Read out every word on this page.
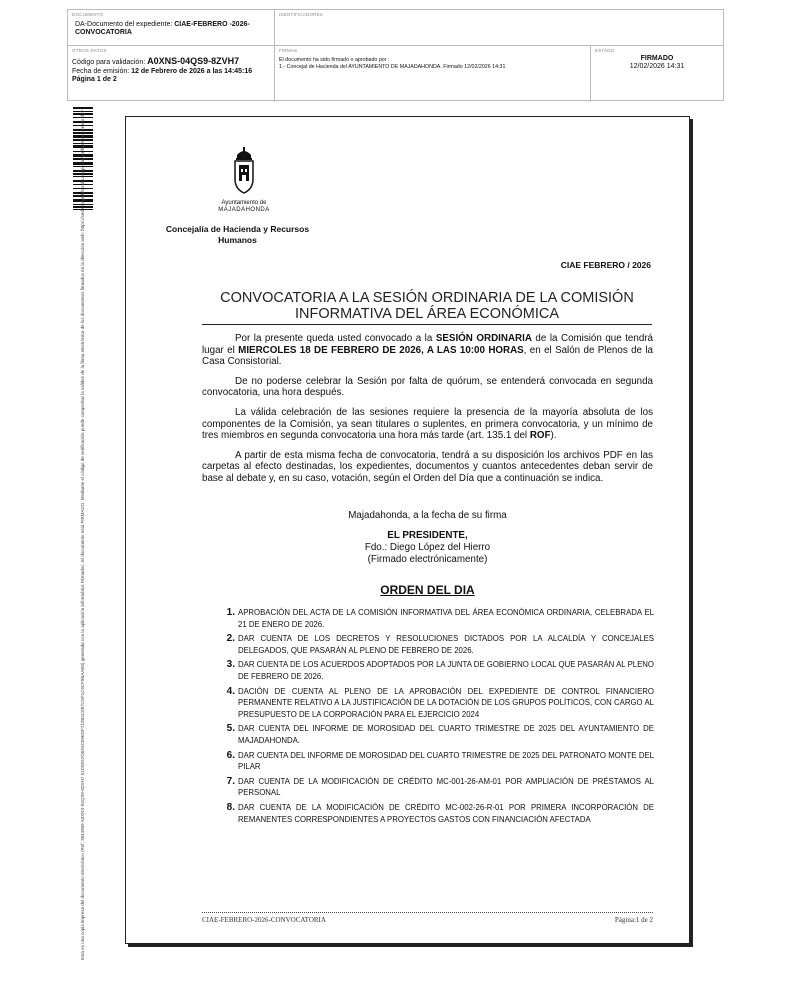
DOCUMENTO
DA-Documento del expediente: CIAE-FEBRERO -2026-CONVOCATORIA
IDENTIFICADORES
OTROS DATOS
Código para validación: A0XNS-04QS9-8ZVH7
Fecha de emisión: 12 de Febrero de 2026 a las 14:45:16
Página 1 de 2
FIRMAS
El documento ha sido firmado o aprobado por :
1.- Concejal de Hacienda del AYUNTAMIENTO DE MAJADAHONDA. Firmado 12/02/2026 14:31
ESTADO
FIRMADO
12/02/2026 14:31
Esta es una copia impresa del documento electrónico (Ref: 3844909 A0XNS-04QS9-8ZVH7 51D2E57D6A5C09EDF712B4C6E7C5F1C9CF9BAAE0) generada con la aplicación informática Firmadoc. El documento está FIRMADO. Mediante el código de verificación puede comprobar la validez de la firma electrónica de los documentos firmados en la dirección web: https://sede.majadahonda.org/portal/verificarDocumento.do?	Ayuntamiento de
MAJADAHONDA
Concejalía de Hacienda y Recursos Humanos
CIAE FEBRERO / 2026
CONVOCATORIA A LA SESIÓN ORDINARIA DE LA COMISIÓN INFORMATIVA DEL ÁREA ECONÓMICA

Por la presente queda usted convocado a la SESIÓN ORDINARIA de la Comisión que tendrá lugar el MIERCOLES 18 DE FEBRERO DE 2026, A LAS 10:00 HORAS, en el Salón de Plenos de la Casa Consistorial.

De no poderse celebrar la Sesión por falta de quórum, se entenderá convocada en segunda convocatoria, una hora después.

La válida celebración de las sesiones requiere la presencia de la mayoría absoluta de los componentes de la Comisión, ya sean titulares o suplentes, en primera convocatoria, y un mínimo de tres miembros en segunda convocatoria una hora más tarde (art. 135.1 del ROF).

A partir de esta misma fecha de convocatoria, tendrá a su disposición los archivos PDF en las carpetas al efecto destinadas, los expedientes, documentos y cuantos antecedentes deban servir de base al debate y, en su caso, votación, según el Orden del Día que a continuación se indica.

Majadahonda, a la fecha de su firma
EL PRESIDENTE,
Fdo.: Diego López del Hierro
(Firmado electrónicamente)
ORDEN DEL DIA
1. APROBACIÓN DEL ACTA DE LA COMISIÓN INFORMATIVA DEL ÁREA ECONÓMICA ORDINARIA, CELEBRADA EL 21 DE ENERO DE 2026.
2. DAR CUENTA DE LOS DECRETOS Y RESOLUCIONES DICTADOS POR LA ALCALDÍA Y CONCEJALES DELEGADOS, QUE PASARÁN AL PLENO DE FEBRERO DE 2026.
3. DAR CUENTA DE LOS ACUERDOS ADOPTADOS POR LA JUNTA DE GOBIERNO LOCAL QUE PASARÁN AL PLENO DE FEBRERO DE 2026.
4. DACIÓN DE CUENTA AL PLENO DE LA APROBACIÓN DEL EXPEDIENTE DE CONTROL FINANCIERO PERMANENTE RELATIVO A LA JUSTIFICACIÓN DE LA DOTACIÓN DE LOS GRUPOS POLÍTICOS, CON CARGO AL PRESUPUESTO DE LA CORPORACIÓN PARA EL EJERCICIO 2024
5. DAR CUENTA DEL INFORME DE MOROSIDAD DEL CUARTO TRIMESTRE DE 2025 DEL AYUNTAMIENTO DE MAJADAHONDA.
6. DAR CUENTA DEL INFORME DE MOROSIDAD DEL CUARTO TRIMESTRE DE 2025 DEL PATRONATO MONTE DEL PILAR
7. DAR CUENTA DE LA MODIFICACIÓN DE CRÉDITO MC-001-26-AM-01 POR AMPLIACIÓN DE PRÉSTAMOS AL PERSONAL
8. DAR CUENTA DE LA MODIFICACIÓN DE CRÉDITO MC-002-26-R-01 POR PRIMERA INCORPORACIÓN DE REMANENTES CORRESPONDIENTES A PROYECTOS GASTOS CON FINANCIACIÓN AFECTADA
CIAE-FEBRERO-2026-CONVOCATORIA	Página:1 de 2
